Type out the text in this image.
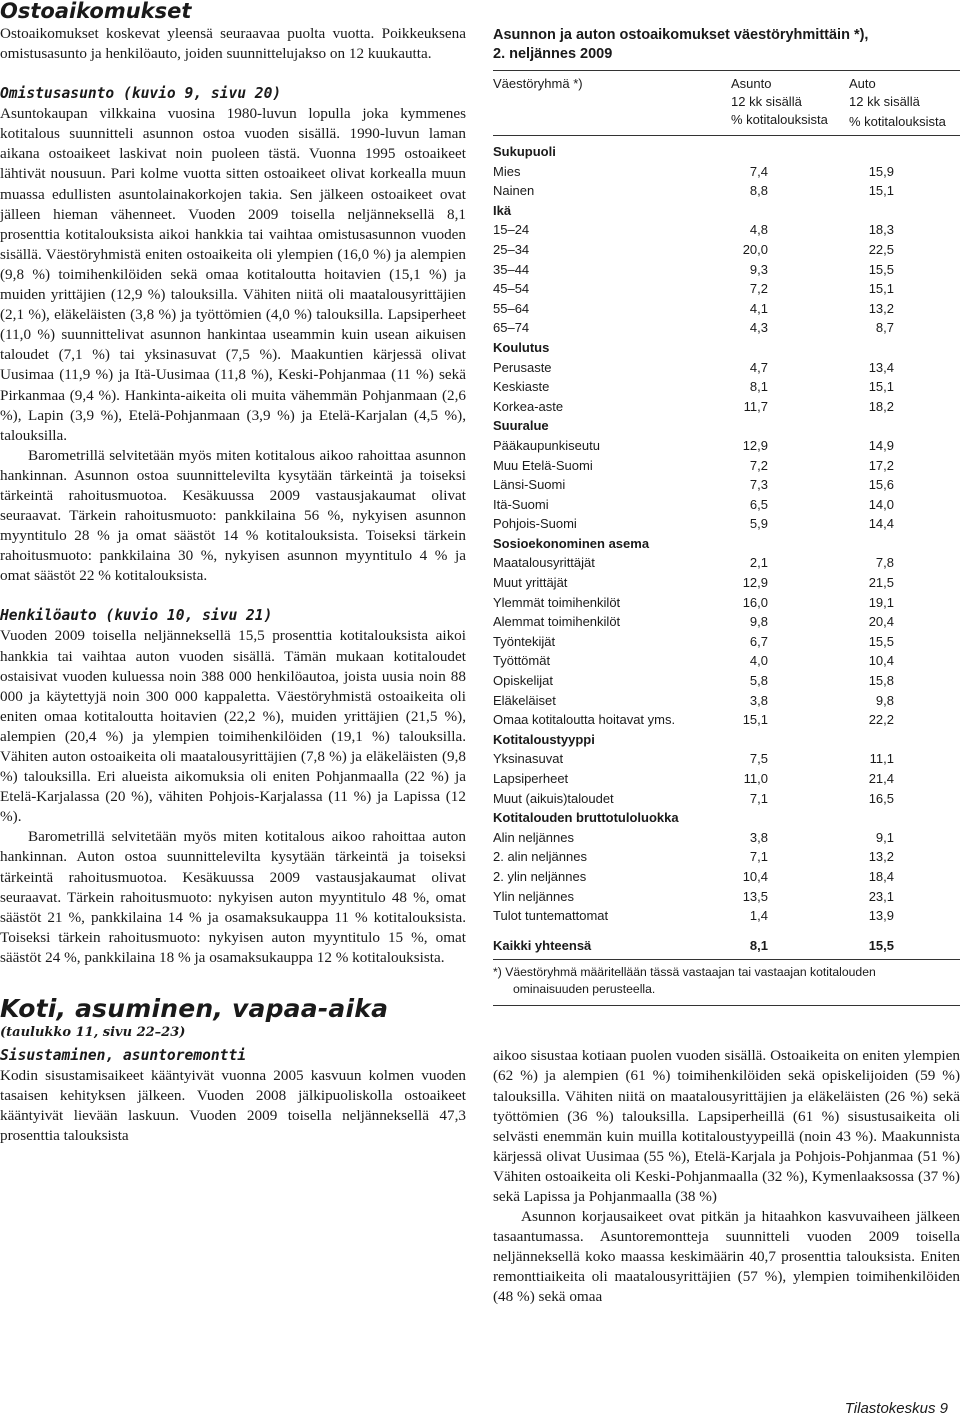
Ostoaikomukset

Ostoaikomukset koskevat yleensä seuraavaa puolta vuotta. Poikkeuksena omistusasunto ja henkilöauto, joiden suunnittelujakso on 12 kuukautta.

Omistusasunto (kuvio 9, sivu 20)

Asuntokaupan vilkkaina vuosina 1980-luvun lopulla joka kymmenes kotitalous suunnitteli asunnon ostoa vuoden sisällä. 1990-luvun laman aikana ostoaikeet laskivat noin puoleen tästä. Vuonna 1995 ostoaikeet lähtivät nousuun. Pari kolme vuotta sitten ostoaikeet olivat korkealla muun muassa edullisten asuntolainakorkojen takia. Sen jälkeen ostoaikeet ovat jälleen hieman vähenneet. Vuoden 2009 toisella neljänneksellä 8,1 prosenttia kotitalouksista aikoi hankkia tai vaihtaa omistusasunnon vuoden sisällä. Väestöryhmistä eniten ostoaikeita oli ylempien (16,0 %) ja alempien (9,8 %) toimihenkilöiden sekä omaa kotitaloutta hoitavien (15,1 %) ja muiden yrittäjien (12,9 %) talouksilla. Vähiten niitä oli maatalousyrittäjien (2,1 %), eläkeläisten (3,8 %) ja työttömien (4,0 %) talouksilla. Lapsiperheet (11,0 %) suunnittelivat asunnon hankintaa useammin kuin usean aikuisen taloudet (7,1 %) tai yksinasuvat (7,5 %). Maakuntien kärjessä olivat Uusimaa (11,9 %) ja Itä-Uusimaa (11,8 %), Keski-Pohjanmaa (11 %) sekä Pirkanmaa (9,4 %). Hankinta-aikeita oli muita vähemmän Pohjanmaan (2,6 %), Lapin (3,9 %), Etelä-Pohjanmaan (3,9 %) ja Etelä-Karjalan (4,5 %), talouksilla.

Barometrillä selvitetään myös miten kotitalous aikoo rahoittaa asunnon hankinnan. Asunnon ostoa suunnittelevilta kysytään tärkeintä ja toiseksi tärkeintä rahoitusmuotoa. Kesäkuussa 2009 vastausjakaumat olivat seuraavat. Tärkein rahoitusmuoto: pankkilaina 56 %, nykyisen asunnon myyntitulo 28 % ja omat säästöt 14 % kotitalouksista. Toiseksi tärkein rahoitusmuoto: pankkilaina 30 %, nykyisen asunnon myyntitulo 4 % ja omat säästöt 22 % kotitalouksista.

Henkilöauto (kuvio 10, sivu 21)

Vuoden 2009 toisella neljänneksellä 15,5 prosenttia kotitalouksista aikoi hankkia tai vaihtaa auton vuoden sisällä. Tämän mukaan kotitaloudet ostaisivat vuoden kuluessa noin 388 000 henkilöautoa, joista uusia noin 88 000 ja käytettyjä noin 300 000 kappaletta. Väestöryhmistä ostoaikeita oli eniten omaa kotitaloutta hoitavien (22,2 %), muiden yrittäjien (21,5 %), alempien (20,4 %) ja ylempien toimihenkilöiden (19,1 %) talouksilla. Vähiten auton ostoaikeita oli maatalousyrittäjien (7,8 %) ja eläkeläisten (9,8 %) talouksilla. Eri alueista aikomuksia oli eniten Pohjanmaalla (22 %) ja Etelä-Karjalassa (20 %), vähiten Pohjois-Karjalassa (11 %) ja Lapissa (12 %).

Barometrillä selvitetään myös miten kotitalous aikoo rahoittaa auton hankinnan. Auton ostoa suunnittelevilta kysytään tärkeintä ja toiseksi tärkeintä rahoitusmuotoa. Kesäkuussa 2009 vastausjakaumat olivat seuraavat. Tärkein rahoitusmuoto: nykyisen auton myyntitulo 48 %, omat säästöt 21 %, pankkilaina 14 % ja osamaksukauppa 11 % kotitalouksista. Toiseksi tärkein rahoitusmuoto: nykyisen auton myyntitulo 15 %, omat säästöt 24 %, pankkilaina 18 % ja osamaksukauppa 12 % kotitalouksista.

Koti, asuminen, vapaa-aika

(taulukko 11, sivu 22–23)

Sisustaminen, asuntoremontti

Kodin sisustamisaikeet kääntyivät vuonna 2005 kasvuun kolmen vuoden tasaisen kehityksen jälkeen. Vuoden 2008 jälkipuoliskolla ostoaikeet kääntyivät lievään laskuun. Vuoden 2009 toisella neljänneksellä 47,3 prosenttia talouksista

Asunnon ja auton ostoaikomukset väestöryhmittäin *),

2. neljännes 2009

Väestöryhmä *)	Asunto
12 kk sisällä
% kotitalouksista
Auto
12 kk sisällä
% kotitalouksista
Sukupuoli
Mies	7,4	15,9
Nainen	8,8	15,1
Ikä
15–24	4,8	18,3
25–34	20,0	22,5
35–44	9,3	15,5
45–54	7,2	15,1
55–64	4,1	13,2
65–74	4,3	8,7
Koulutus
Perusaste	4,7	13,4
Keskiaste	8,1	15,1
Korkea-aste	11,7	18,2
Suuralue
Pääkaupunkiseutu	12,9	14,9
Muu Etelä-Suomi	7,2	17,2
Länsi-Suomi	7,3	15,6
Itä-Suomi	6,5	14,0
Pohjois-Suomi	5,9	14,4
Sosioekonominen asema
Maatalousyrittäjät	2,1	7,8
Muut yrittäjät	12,9	21,5
Ylemmät toimihenkilöt	16,0	19,1
Alemmat toimihenkilöt	9,8	20,4
Työntekijät	6,7	15,5
Työttömät	4,0	10,4
Opiskelijat	5,8	15,8
Eläkeläiset	3,8	9,8
Omaa kotitaloutta hoitavat yms.	15,1	22,2
Kotitaloustyyppi
Yksinasuvat	7,5	11,1
Lapsiperheet	11,0	21,4
Muut (aikuis)taloudet	7,1	16,5
Kotitalouden bruttotuloluokka
Alin neljännes	3,8	9,1
2. alin neljännes	7,1	13,2
2. ylin neljännes	10,4	18,4
Ylin neljännes	13,5	23,1
Tulot tuntemattomat	1,4	13,9
Kaikki yhteensä	8,1	15,5

*) Väestöryhmä määritellään tässä vastaajan tai vastaajan kotitalouden
ominaisuuden perusteella.

aikoo sisustaa kotiaan puolen vuoden sisällä. Ostoaikeita on eniten ylempien (62 %) ja alempien (61 %) toimihenkilöiden sekä opiskelijoiden (59 %) talouksilla. Vähiten niitä on maatalousyrittäjien ja eläkeläisten (26 %) sekä työttömien (36 %) talouksilla. Lapsiperheillä (61 %) sisustusaikeita oli selvästi enemmän kuin muilla kotitaloustyypeillä (noin 43 %). Maakunnista kärjessä olivat Uusimaa (55 %), Etelä-Karjala ja Pohjois-Pohjanmaa (51 %) Vähiten ostoaikeita oli Keski-Pohjanmaalla (32 %), Kymenlaaksossa (37 %) sekä Lapissa ja Pohjanmaalla (38 %)

Asunnon korjausaikeet ovat pitkän ja hitaahkon kasvuvaiheen jälkeen tasaantumassa. Asuntoremontteja suunnitteli vuoden 2009 toisella neljänneksellä koko maassa keskimäärin 40,7 prosenttia talouksista. Eniten remonttiaikeita oli maatalousyrittäjien (57 %), ylempien toimihenkilöiden (48 %) sekä omaa

Tilastokeskus 9
